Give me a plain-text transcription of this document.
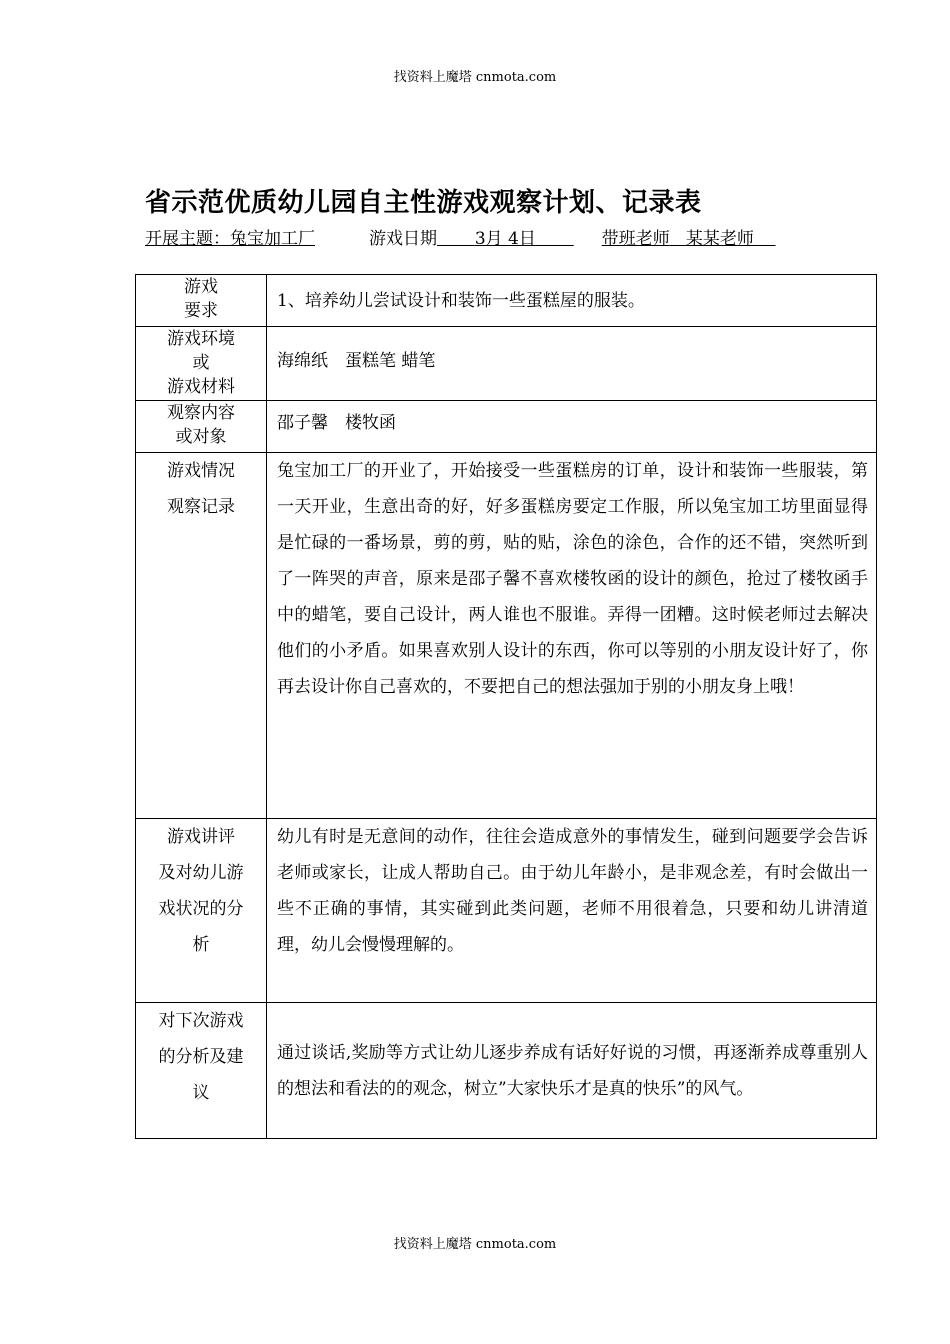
找资料上魔塔 cnmota.com
省示范优质幼儿园自主性游戏观察计划、记录表
开展主题：兔宝加工厂	游戏日期 3月 4日	带班老师 某某老师
游戏
要求	1、培养幼儿尝试设计和装饰一些蛋糕屋的服装。

游戏环境
或
游戏材料	海绵纸　蛋糕笔 蜡笔

观察内容
或对象	邵子馨　楼牧函

游戏情况
观察记录	兔宝加工厂的开业了，开始接受一些蛋糕房的订单，设计和装饰一些服装，第一天开业，生意出奇的好，好多蛋糕房要定工作服，所以兔宝加工坊里面显得是忙碌的一番场景，剪的剪，贴的贴，涂色的涂色，合作的还不错，突然听到了一阵哭的声音，原来是邵子馨不喜欢楼牧函的设计的颜色，抢过了楼牧函手中的蜡笔，要自己设计，两人谁也不服谁。弄得一团糟。这时候老师过去解决他们的小矛盾。如果喜欢别人设计的东西，你可以等别的小朋友设计好了，你再去设计你自己喜欢的，不要把自己的想法强加于别的小朋友身上哦！

游戏讲评
及对幼儿游
戏状况的分
析	幼儿有时是无意间的动作，往往会造成意外的事情发生，碰到问题要学会告诉老师或家长，让成人帮助自己。由于幼儿年龄小，是非观念差，有时会做出一些不正确的事情，其实碰到此类问题，老师不用很着急，只要和幼儿讲清道理，幼儿会慢慢理解的。

对下次游戏
的分析及建
议	通过谈话,奖励等方式让幼儿逐步养成有话好好说的习惯，再逐渐养成尊重别人的想法和看法的的观念，树立”大家快乐才是真的快乐”的风气。
找资料上魔塔 cnmota.com
